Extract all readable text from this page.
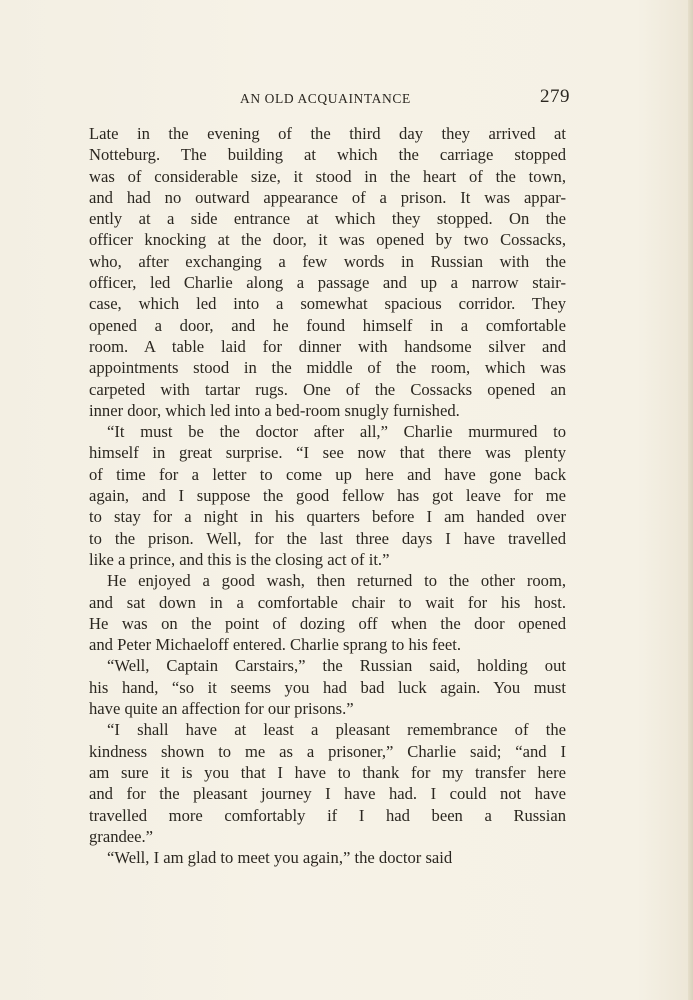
AN OLD ACQUAINTANCE	279
Late in the evening of the third day they arrived at
Notteburg. The building at which the carriage stopped
was of considerable size, it stood in the heart of the town,
and had no outward appearance of a prison. It was appar-
ently at a side entrance at which they stopped. On the
officer knocking at the door, it was opened by two Cossacks,
who, after exchanging a few words in Russian with the
officer, led Charlie along a passage and up a narrow stair-
case, which led into a somewhat spacious corridor. They
opened a door, and he found himself in a comfortable
room. A table laid for dinner with handsome silver and
appointments stood in the middle of the room, which was
carpeted with tartar rugs. One of the Cossacks opened an
inner door, which led into a bed-room snugly furnished.
“It must be the doctor after all,” Charlie murmured to
himself in great surprise. “I see now that there was plenty
of time for a letter to come up here and have gone back
again, and I suppose the good fellow has got leave for me
to stay for a night in his quarters before I am handed over
to the prison. Well, for the last three days I have travelled
like a prince, and this is the closing act of it.”
He enjoyed a good wash, then returned to the other room,
and sat down in a comfortable chair to wait for his host.
He was on the point of dozing off when the door opened
and Peter Michaeloff entered. Charlie sprang to his feet.
“Well, Captain Carstairs,” the Russian said, holding out
his hand, “so it seems you had bad luck again. You must
have quite an affection for our prisons.”
“I shall have at least a pleasant remembrance of the
kindness shown to me as a prisoner,” Charlie said; “and I
am sure it is you that I have to thank for my transfer here
and for the pleasant journey I have had. I could not have
travelled more comfortably if I had been a Russian
grandee.”
“Well, I am glad to meet you again,” the doctor said
